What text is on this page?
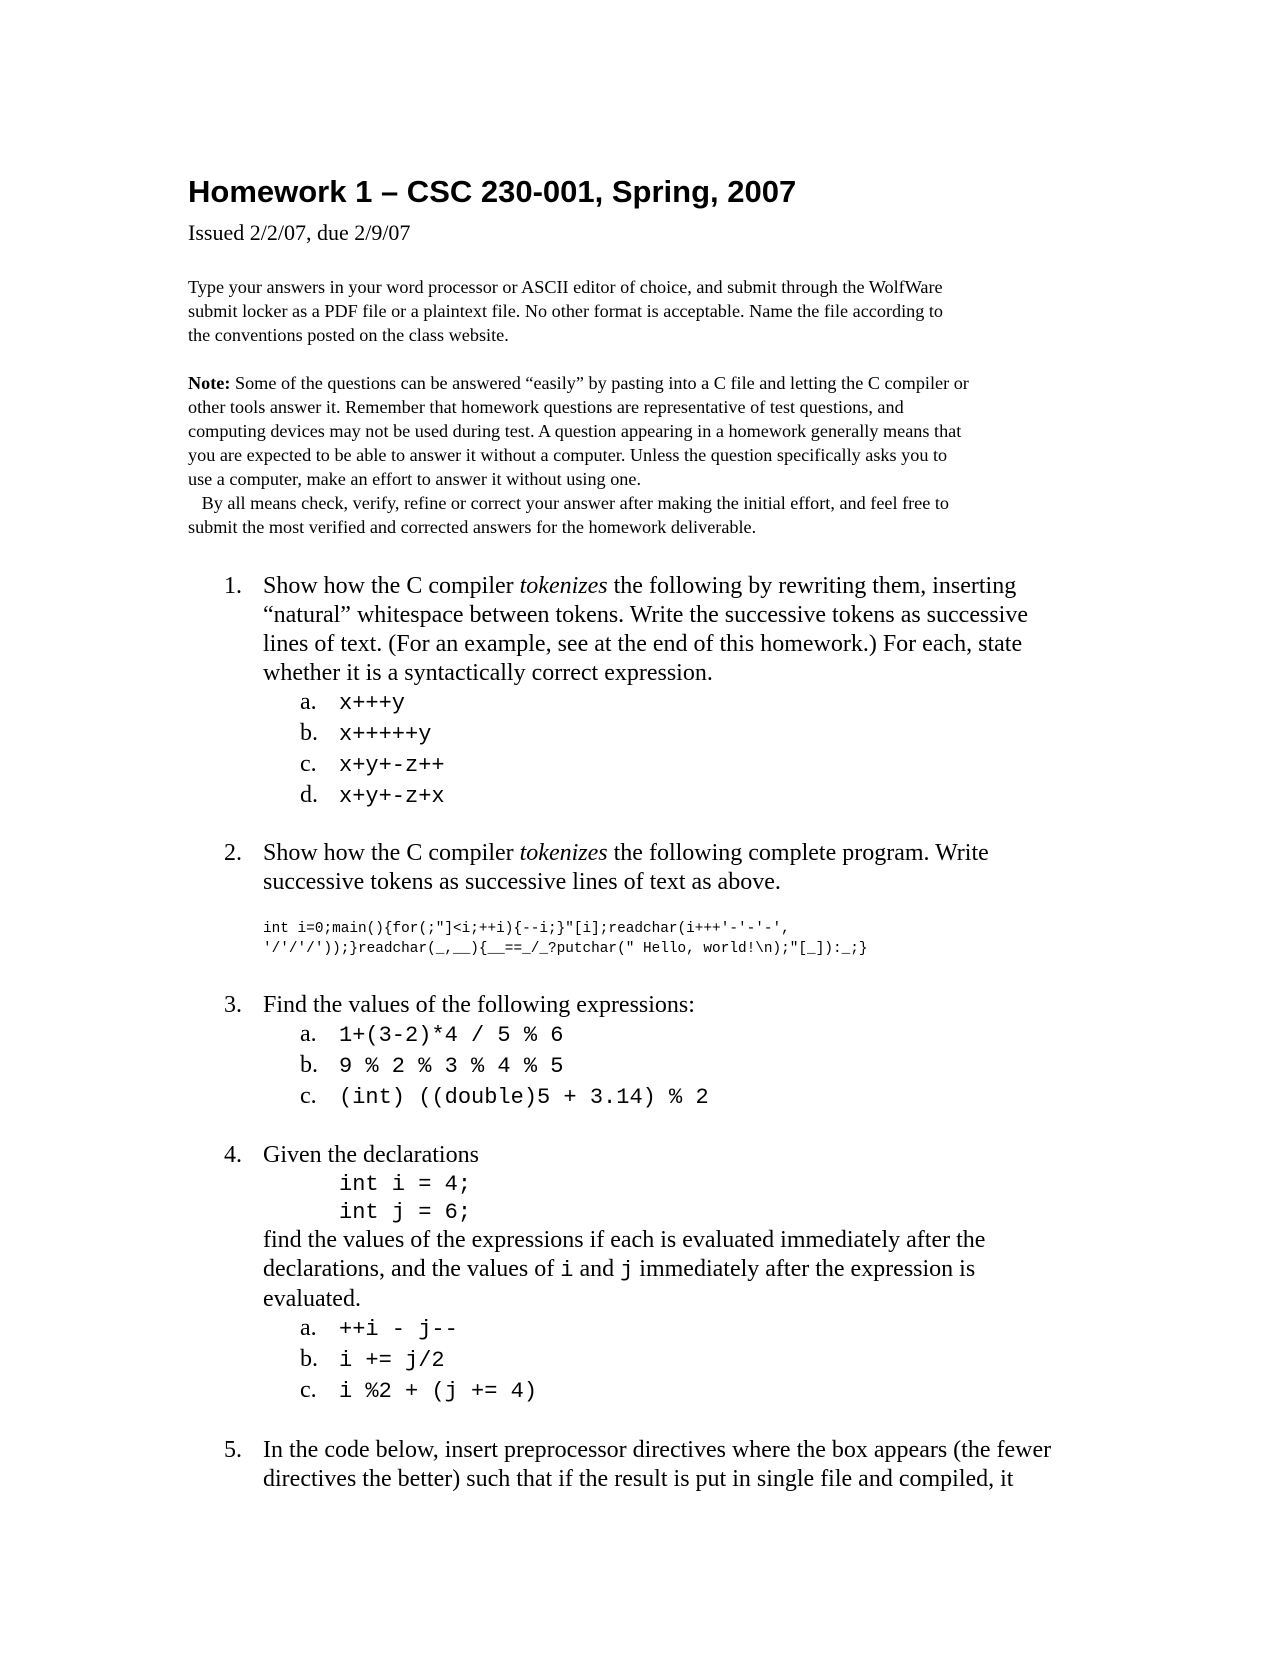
Homework 1 – CSC 230-001, Spring, 2007
Issued 2/2/07, due 2/9/07
Type your answers in your word processor or ASCII editor of choice, and submit through the WolfWare
submit locker as a PDF file or a plaintext file. No other format is acceptable. Name the file according to
the conventions posted on the class website.
Note: Some of the questions can be answered “easily” by pasting into a C file and letting the C compiler or
other tools answer it. Remember that homework questions are representative of test questions, and
computing devices may not be used during test. A question appearing in a homework generally means that
you are expected to be able to answer it without a computer. Unless the question specifically asks you to
use a computer, make an effort to answer it without using one.
By all means check, verify, refine or correct your answer after making the initial effort, and feel free to
submit the most verified and corrected answers for the homework deliverable.
1. Show how the C compiler tokenizes the following by rewriting them, inserting
“natural” whitespace between tokens. Write the successive tokens as successive
lines of text. (For an example, see at the end of this homework.) For each, state
whether it is a syntactically correct expression.
a. x+++y
b. x+++++y
c. x+y+-z++
d. x+y+-z+x
2. Show how the C compiler tokenizes the following complete program. Write
successive tokens as successive lines of text as above.
int i=0;main(){for(;"]<i;++i){--i;}"[i];readchar(i+++'-'-'-',
'/'/'/'));}readchar(_,__){__==_/_?putchar(" Hello, world!\n);"[_]):_;}
3. Find the values of the following expressions:
a. 1+(3-2)*4 / 5 % 6
b. 9 % 2 % 3 % 4 % 5
c. (int) ((double)5 + 3.14) % 2
4. Given the declarations
int i = 4;
int j = 6;
find the values of the expressions if each is evaluated immediately after the
declarations, and the values of i and j immediately after the expression is
evaluated.
a. ++i - j--
b. i += j/2
c. i %2 + (j += 4)
5. In the code below, insert preprocessor directives where the box appears (the fewer
directives the better) such that if the result is put in single file and compiled, it
